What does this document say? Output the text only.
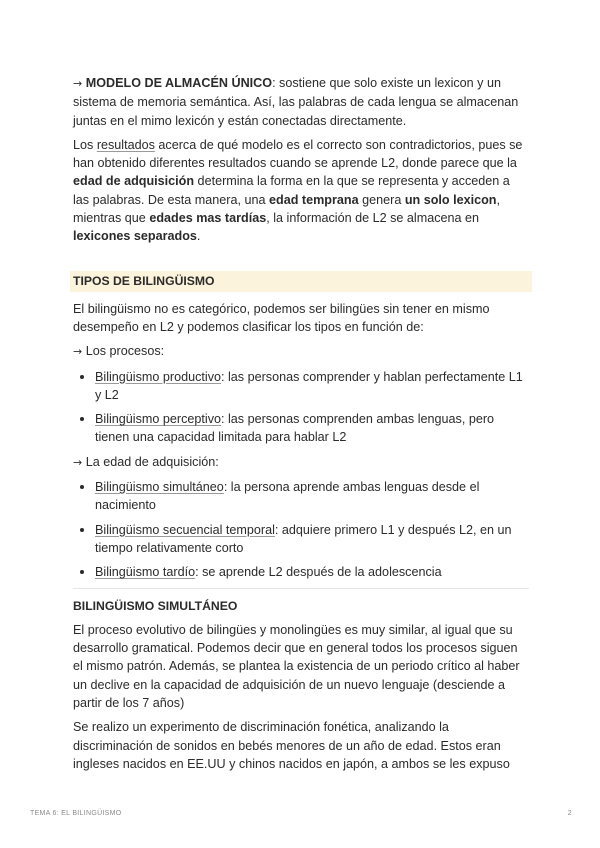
→ MODELO DE ALMACÉN ÚNICO: sostiene que solo existe un lexicon y un sistema de memoria semántica. Así, las palabras de cada lengua se almacenan juntas en el mimo lexicón y están conectadas directamente.

Los resultados acerca de qué modelo es el correcto son contradictorios, pues se han obtenido diferentes resultados cuando se aprende L2, donde parece que la edad de adquisición determina la forma en la que se representa y acceden a las palabras. De esta manera, una edad temprana genera un solo lexicon, mientras que edades mas tardías, la información de L2 se almacena en lexicones separados.

TIPOS DE BILINGÜISMO

El bilingüismo no es categórico, podemos ser bilingües sin tener en mismo desempeño en L2 y podemos clasificar los tipos en función de:

→ Los procesos:

Bilingüismo productivo: las personas comprender y hablan perfectamente L1 y L2
Bilingüismo perceptivo: las personas comprenden ambas lenguas, pero tienen una capacidad limitada para hablar L2

→ La edad de adquisición:

Bilingüismo simultáneo: la persona aprende ambas lenguas desde el nacimiento
Bilingüismo secuencial temporal: adquiere primero L1 y después L2, en un tiempo relativamente corto
Bilingüismo tardío: se aprende L2 después de la adolescencia
BILINGÜISMO SIMULTÁNEO

El proceso evolutivo de bilingües y monolingües es muy similar, al igual que su desarrollo gramatical. Podemos decir que en general todos los procesos siguen el mismo patrón. Además, se plantea la existencia de un periodo crítico al haber un declive en la capacidad de adquisición de un nuevo lenguaje (desciende a partir de los 7 años)

Se realizo un experimento de discriminación fonética, analizando la discriminación de sonidos en bebés menores de un año de edad. Estos eran ingleses nacidos en EE.UU y chinos nacidos en japón, a ambos se les expuso

TEMA 6: EL BILINGÜISMO	2
